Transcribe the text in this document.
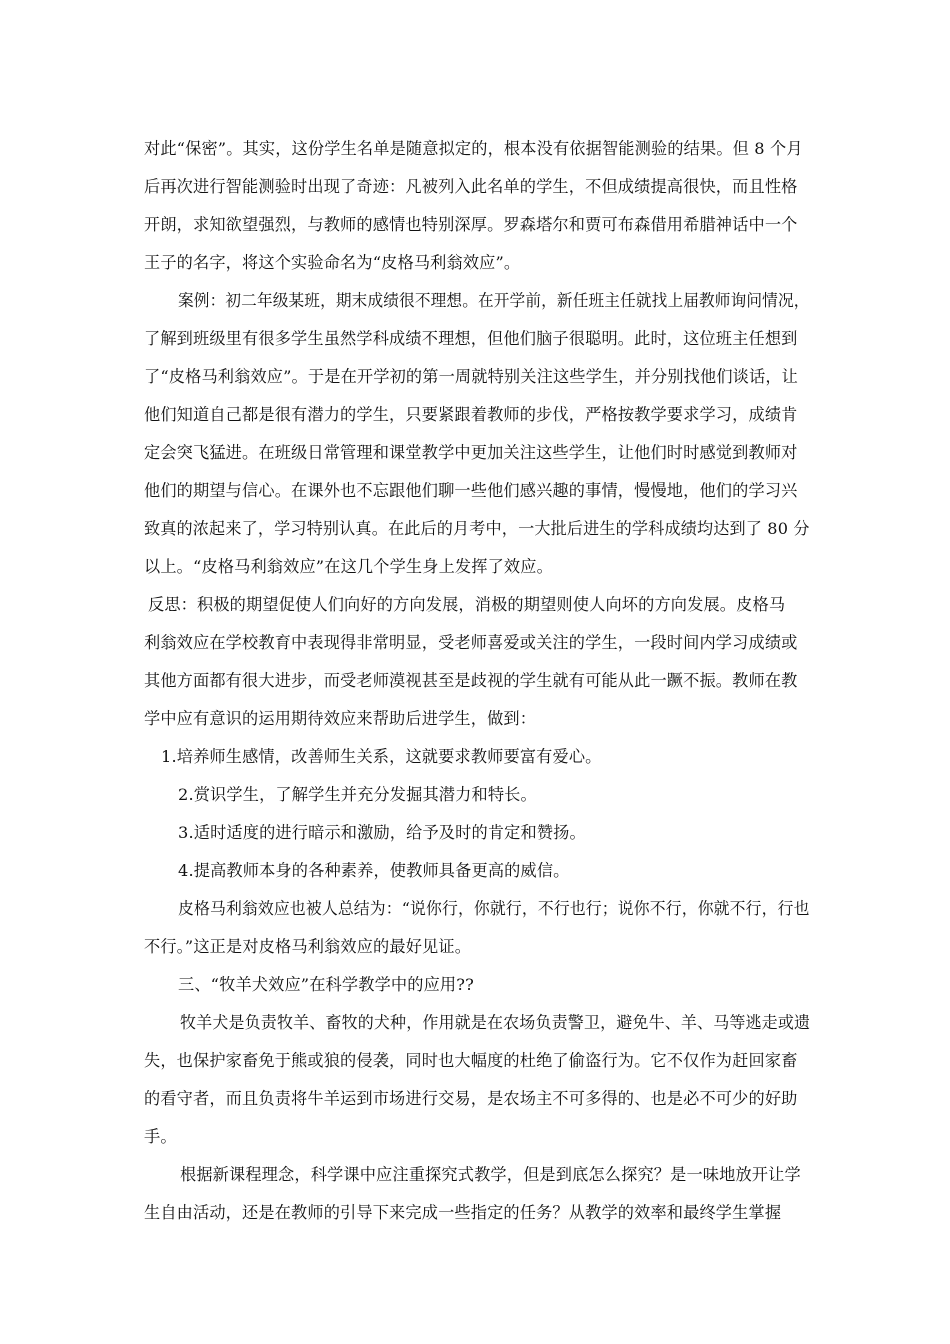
对此“保密”。其实，这份学生名单是随意拟定的，根本没有依据智能测验的结果。但 8 个月
后再次进行智能测验时出现了奇迹：凡被列入此名单的学生，不但成绩提高很快，而且性格
开朗，求知欲望强烈，与教师的感情也特别深厚。罗森塔尔和贾可布森借用希腊神话中一个
王子的名字，将这个实验命名为“皮格马利翁效应”。
案例：初二年级某班，期末成绩很不理想。在开学前，新任班主任就找上届教师询问情况，
了解到班级里有很多学生虽然学科成绩不理想，但他们脑子很聪明。此时，这位班主任想到
了“皮格马利翁效应”。于是在开学初的第一周就特别关注这些学生，并分别找他们谈话，让
他们知道自己都是很有潜力的学生，只要紧跟着教师的步伐，严格按教学要求学习，成绩肯
定会突飞猛进。在班级日常管理和课堂教学中更加关注这些学生，让他们时时感觉到教师对
他们的期望与信心。在课外也不忘跟他们聊一些他们感兴趣的事情，慢慢地，他们的学习兴
致真的浓起来了，学习特别认真。在此后的月考中，一大批后进生的学科成绩均达到了 80 分
以上。“皮格马利翁效应”在这几个学生身上发挥了效应。
反思：积极的期望促使人们向好的方向发展，消极的期望则使人向坏的方向发展。皮格马
利翁效应在学校教育中表现得非常明显，受老师喜爱或关注的学生，一段时间内学习成绩或
其他方面都有很大进步，而受老师漠视甚至是歧视的学生就有可能从此一蹶不振。教师在教
学中应有意识的运用期待效应来帮助后进学生，做到：
1.培养师生感情，改善师生关系，这就要求教师要富有爱心。
2.赏识学生，了解学生并充分发掘其潜力和特长。
3.适时适度的进行暗示和激励，给予及时的肯定和赞扬。
4.提高教师本身的各种素养，使教师具备更高的威信。
皮格马利翁效应也被人总结为：“说你行，你就行，不行也行；说你不行，你就不行，行也
不行。”这正是对皮格马利翁效应的最好见证。
三、“牧羊犬效应”在科学教学中的应用??
牧羊犬是负责牧羊、畜牧的犬种，作用就是在农场负责警卫，避免牛、羊、马等逃走或遗
失，也保护家畜免于熊或狼的侵袭，同时也大幅度的杜绝了偷盗行为。它不仅作为赶回家畜
的看守者，而且负责将牛羊运到市场进行交易，是农场主不可多得的、也是必不可少的好助
手。
根据新课程理念，科学课中应注重探究式教学，但是到底怎么探究？是一味地放开让学
生自由活动，还是在教师的引导下来完成一些指定的任务？从教学的效率和最终学生掌握
